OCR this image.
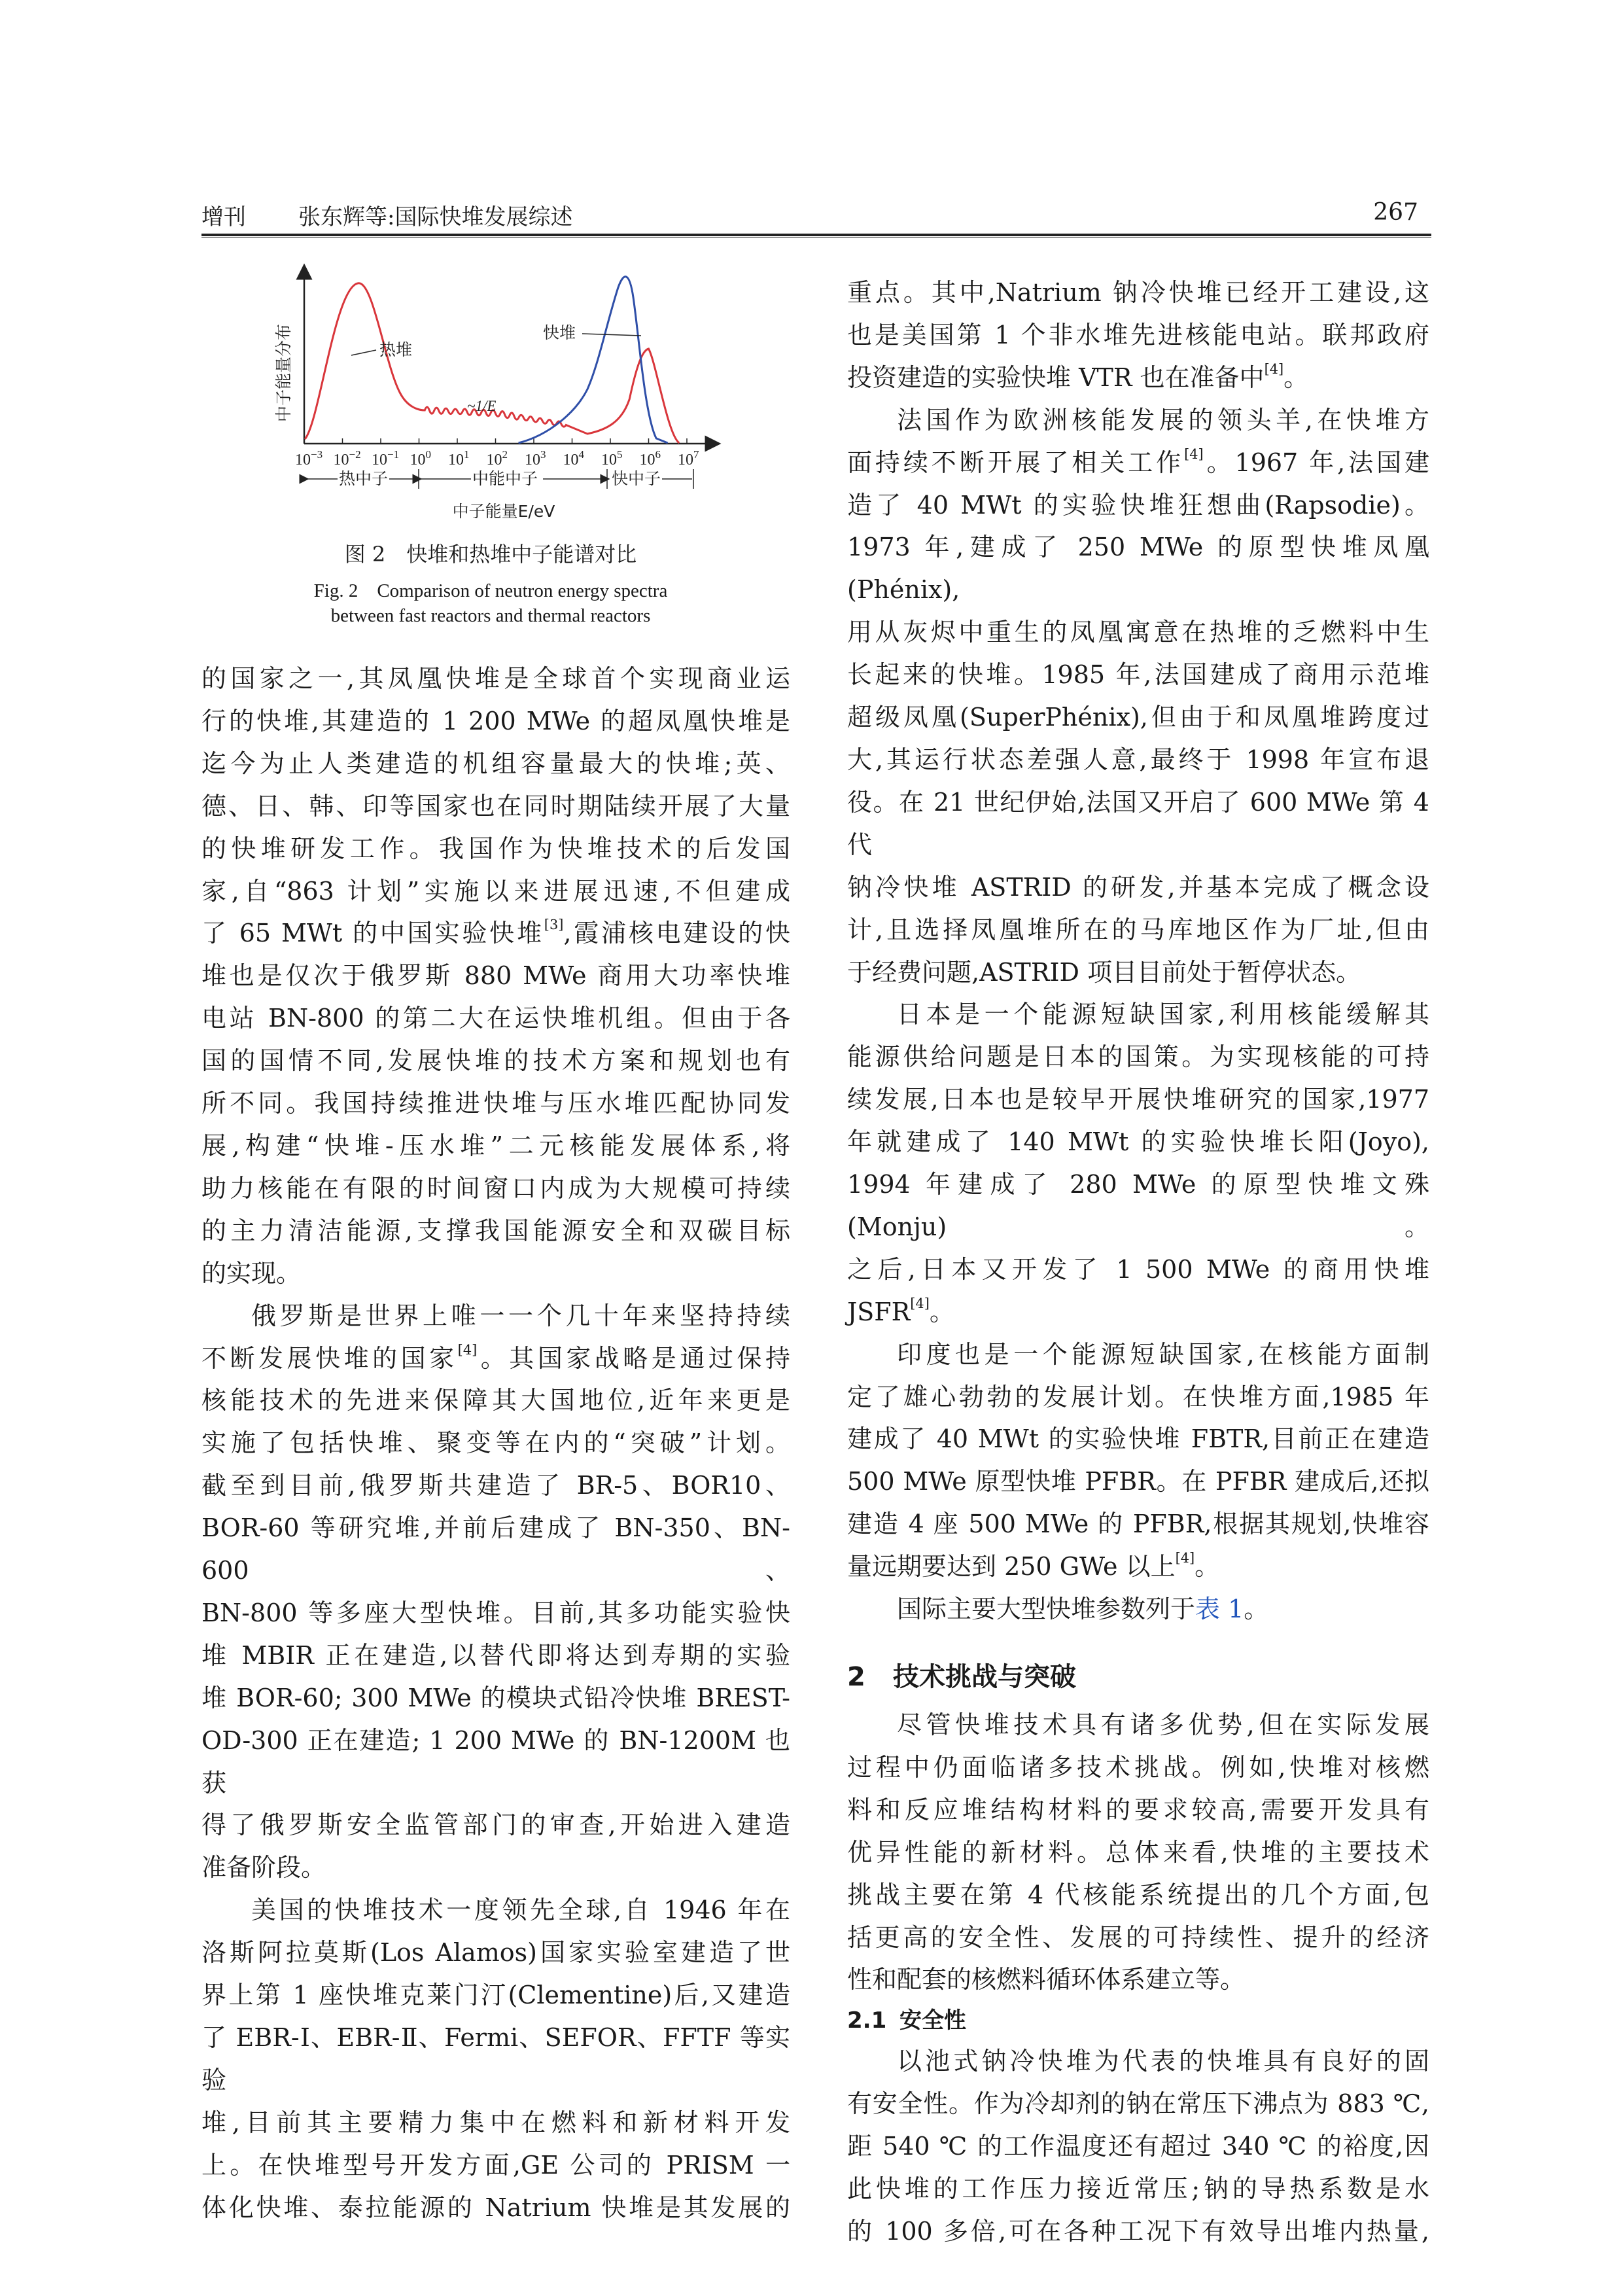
增刊 张东辉等:国际快堆发展综述	267
中子能量分布
$10^{-3}$ $10^{-2}$ $10^{-1}$ $10^0$ $10^1$ $10^2$ $10^3$ $10^4$ $10^5$ $10^6$ $10^7$
热堆
快堆
~1/E
热中子	中能中子	快中子
中子能量E/eV
图 2　快堆和热堆中子能谱对比
Fig. 2　Comparison of neutron energy spectra
between fast reactors and thermal reactors
的国家之一,其凤凰快堆是全球首个实现商业运
行的快堆,其建造的 1 200 MWe 的超凤凰快堆是
迄今为止人类建造的机组容量最大的快堆;英、
德、日、韩、印等国家也在同时期陆续开展了大量
的快堆研发工作。我国作为快堆技术的后发国
家,自“863 计划”实施以来进展迅速,不但建成
了 65 MWt 的中国实验快堆[3],霞浦核电建设的快
堆也是仅次于俄罗斯 880 MWe 商用大功率快堆
电站 BN-800 的第二大在运快堆机组。但由于各
国的国情不同,发展快堆的技术方案和规划也有
所不同。我国持续推进快堆与压水堆匹配协同发
展,构建“快堆-压水堆”二元核能发展体系,将
助力核能在有限的时间窗口内成为大规模可持续
的主力清洁能源,支撑我国能源安全和双碳目标
的实现。
俄罗斯是世界上唯一一个几十年来坚持持续
不断发展快堆的国家[4]。其国家战略是通过保持
核能技术的先进来保障其大国地位,近年来更是
实施了包括快堆、聚变等在内的“突破”计划。
截至到目前,俄罗斯共建造了 BR-5、BOR10、
BOR-60 等研究堆,并前后建成了 BN-350、BN-600、
BN-800 等多座大型快堆。目前,其多功能实验快
堆 MBIR 正在建造,以替代即将达到寿期的实验
堆 BOR-60; 300 MWe 的模块式铅冷快堆 BREST-
OD-300 正在建造; 1 200 MWe 的 BN-1200M 也获
得了俄罗斯安全监管部门的审查,开始进入建造
准备阶段。
美国的快堆技术一度领先全球,自 1946 年在
洛斯阿拉莫斯(Los Alamos)国家实验室建造了世
界上第 1 座快堆克莱门汀(Clementine)后,又建造
了 EBR-Ⅰ、EBR-Ⅱ、Fermi、SEFOR、FFTF 等实验
堆,目前其主要精力集中在燃料和新材料开发
上。在快堆型号开发方面,GE 公司的 PRISM 一
体化快堆、泰拉能源的 Natrium 快堆是其发展的
重点。其中,Natrium 钠冷快堆已经开工建设,这
也是美国第 1 个非水堆先进核能电站。联邦政府
投资建造的实验快堆 VTR 也在准备中[4]。
法国作为欧洲核能发展的领头羊,在快堆方
面持续不断开展了相关工作[4]。1967 年,法国建
造了 40 MWt 的实验快堆狂想曲(Rapsodie)。
1973 年,建成了 250 MWe 的原型快堆凤凰(Phénix),
用从灰烬中重生的凤凰寓意在热堆的乏燃料中生
长起来的快堆。1985 年,法国建成了商用示范堆
超级凤凰(SuperPhénix),但由于和凤凰堆跨度过
大,其运行状态差强人意,最终于 1998 年宣布退
役。在 21 世纪伊始,法国又开启了 600 MWe 第 4 代
钠冷快堆 ASTRID 的研发,并基本完成了概念设
计,且选择凤凰堆所在的马库地区作为厂址,但由
于经费问题,ASTRID 项目目前处于暂停状态。
日本是一个能源短缺国家,利用核能缓解其
能源供给问题是日本的国策。为实现核能的可持
续发展,日本也是较早开展快堆研究的国家,1977
年就建成了 140 MWt 的实验快堆长阳(Joyo),
1994 年建成了 280 MWe 的原型快堆文殊(Monju)。
之后,日本又开发了 1 500 MWe 的商用快堆 JSFR[4]。
印度也是一个能源短缺国家,在核能方面制
定了雄心勃勃的发展计划。在快堆方面,1985 年
建成了 40 MWt 的实验快堆 FBTR,目前正在建造
500 MWe 原型快堆 PFBR。在 PFBR 建成后,还拟
建造 4 座 500 MWe 的 PFBR,根据其规划,快堆容
量远期要达到 250 GWe 以上[4]。
国际主要大型快堆参数列于表 1。
2 技术挑战与突破
尽管快堆技术具有诸多优势,但在实际发展
过程中仍面临诸多技术挑战。例如,快堆对核燃
料和反应堆结构材料的要求较高,需要开发具有
优异性能的新材料。总体来看,快堆的主要技术
挑战主要在第 4 代核能系统提出的几个方面,包
括更高的安全性、发展的可持续性、提升的经济
性和配套的核燃料循环体系建立等。
2.1 安全性
以池式钠冷快堆为代表的快堆具有良好的固
有安全性。作为冷却剂的钠在常压下沸点为 883 ℃,
距 540 ℃ 的工作温度还有超过 340 ℃ 的裕度,因
此快堆的工作压力接近常压;钠的导热系数是水
的 100 多倍,可在各种工况下有效导出堆内热量,
